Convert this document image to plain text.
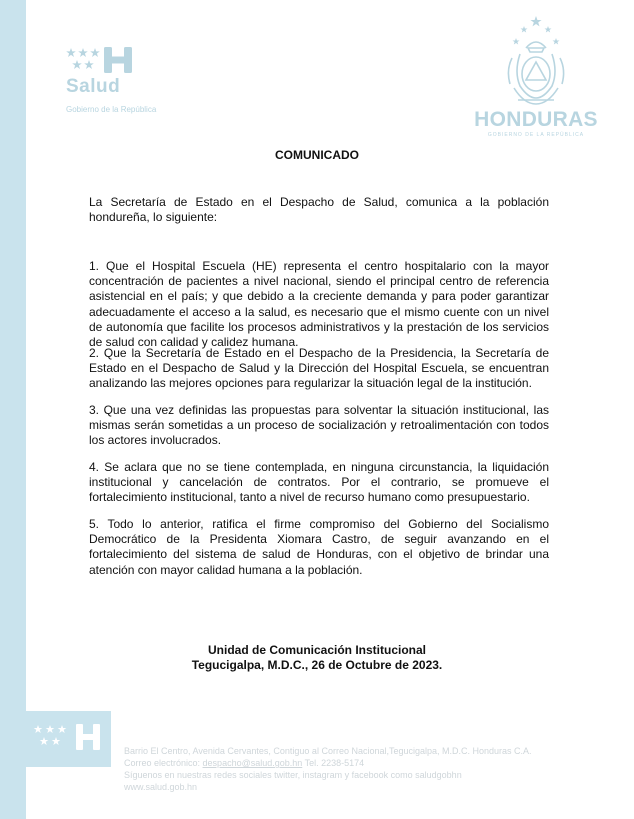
Salud
Gobierno de la República	HONDURAS
GOBIERNO DE LA REPÚBLICA
COMUNICADO

La Secretaría de Estado en el Despacho de Salud, comunica a la población hondureña, lo siguiente:

1. Que el Hospital Escuela (HE) representa el centro hospitalario con la mayor concentración de pacientes a nivel nacional, siendo el principal centro de referencia asistencial en el país; y que debido a la creciente demanda y para poder garantizar adecuadamente el acceso a la salud, es necesario que el mismo cuente con un nivel de autonomía que facilite los procesos administrativos y la prestación de los servicios de salud con calidad y calidez humana.

2. Que la Secretaría de Estado en el Despacho de la Presidencia, la Secretaría de Estado en el Despacho de Salud y la Dirección del Hospital Escuela, se encuentran analizando las mejores opciones para regularizar la situación legal de la institución.

3. Que una vez definidas las propuestas para solventar la situación institucional, las mismas serán sometidas a un proceso de socialización y retroalimentación con todos los actores involucrados.

4. Se aclara que no se tiene contemplada, en ninguna circunstancia, la liquidación institucional y cancelación de contratos. Por el contrario, se promueve el fortalecimiento institucional, tanto a nivel de recurso humano como presupuestario.

5. Todo lo anterior, ratifica el firme compromiso del Gobierno del Socialismo Democrático de la Presidenta Xiomara Castro, de seguir avanzando en el fortalecimiento del sistema de salud de Honduras, con el objetivo de brindar una atención con mayor calidad humana a la población.

Unidad de Comunicación Institucional
Tegucigalpa, M.D.C., 26 de Octubre de 2023.
Barrio El Centro, Avenida Cervantes, Contiguo al Correo Nacional,Tegucigalpa, M.D.C. Honduras C.A.
Correo electrónico: despacho@salud.gob.hn Tel. 2238-5174
Síguenos en nuestras redes sociales twitter, instagram y facebook como saludgobhn
www.salud.gob.hn
